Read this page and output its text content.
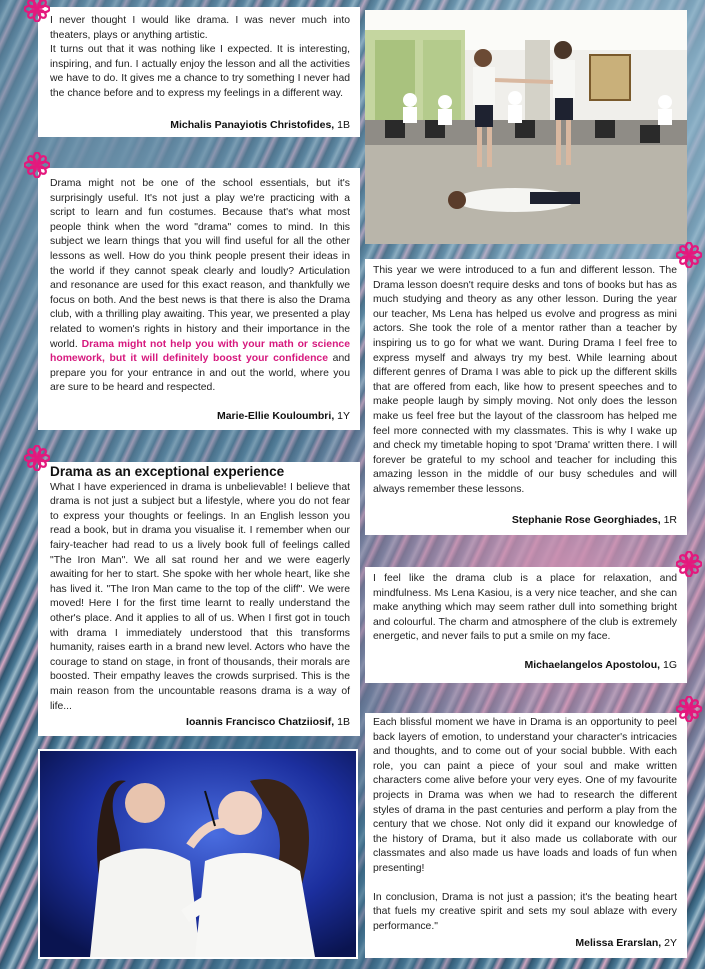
I never thought I would like drama. I was never much into theaters, plays or anything artistic.

It turns out that it was nothing like I expected. It is interesting, inspiring, and fun. I actually enjoy the lesson and all the activities we have to do. It gives me a chance to try something I never had the chance before and to express my feelings in a different way.

Michalis Panayiotis Christofides, 1B

Drama might not be one of the school essentials, but it's surprisingly useful. It's not just a play we're practicing with a script to learn and fun costumes. Because that's what most people think when the word "drama" comes to mind. In this subject we learn things that you will find useful for all the other lessons as well. How do you think people present their ideas in the world if they cannot speak clearly and loudly? Articulation and resonance are used for this exact reason, and thankfully we focus on both. And the best news is that there is also the Drama club, with a thrilling play awaiting. This year, we presented a play related to women's rights in history and their importance in the world. Drama might not help you with your math or science homework, but it will definitely boost your confidence and prepare you for your entrance in and out the world, where you are sure to be heard and respected.

Marie-Ellie Kouloumbri, 1Y
Drama as an exceptional experience

What I have experienced in drama is unbelievable! I believe that drama is not just a subject but a lifestyle, where you do not fear to express your thoughts or feelings. In an English lesson you read a book, but in drama you visualise it. I remember when our fairy-teacher had read to us a lively book full of feelings called "The Iron Man". We all sat round her and we were eagerly awaiting for her to start. She spoke with her whole heart, like she has lived it. "The Iron Man came to the top of the cliff". We were moved! Here I for the first time learnt to really understand the other's place. And it applies to all of us. When I first got in touch with drama I immediately understood that this transforms humanity, raises earth in a brand new level. Actors who have the courage to stand on stage, in front of thousands, their morals are boosted. Their empathy leaves the crowds surprised. This is the main reason from the uncountable reasons drama is a way of life...

Ioannis Francisco Chatziiosif, 1B

This year we were introduced to a fun and different lesson. The Drama lesson doesn't require desks and tons of books but has as much studying and theory as any other lesson. During the year our teacher, Ms Lena has helped us evolve and progress as mini actors. She took the role of a mentor rather than a teacher by inspiring us to go for what we want. During Drama I feel free to express myself and always try my best. While learning about different genres of Drama I was able to pick up the different skills that are offered from each, like how to present speeches and to make people laugh by simply moving. Not only does the lesson make us feel free but the layout of the classroom has helped me feel more connected with my classmates. This is why I wake up and check my timetable hoping to spot 'Drama' written there. I will forever be grateful to my school and teacher for including this amazing lesson in the middle of our busy schedules and will always remember these lessons.

Stephanie Rose Georghiades, 1R

I feel like the drama club is a place for relaxation, and mindfulness. Ms Lena Kasiou, is a very nice teacher, and she can make anything which may seem rather dull into something bright and colourful. The charm and atmosphere of the club is extremely energetic, and never fails to put a smile on my face.

Michaelangelos Apostolou, 1G

Each blissful moment we have in Drama is an opportunity to peel back layers of emotion, to understand your character's intricacies and thoughts, and to come out of your social bubble. With each role, you can paint a piece of your soul and make written characters come alive before your very eyes. One of my favourite projects in Drama was when we had to research the different styles of drama in the past centuries and perform a play from the century that we chose. Not only did it expand our knowledge of the history of Drama, but it also made us collaborate with our classmates and also made us have loads and loads of fun when presenting!

In conclusion, Drama is not just a passion; it's the beating heart that fuels my creative spirit and sets my soul ablaze with every performance."

Melissa Erarslan, 2Y
